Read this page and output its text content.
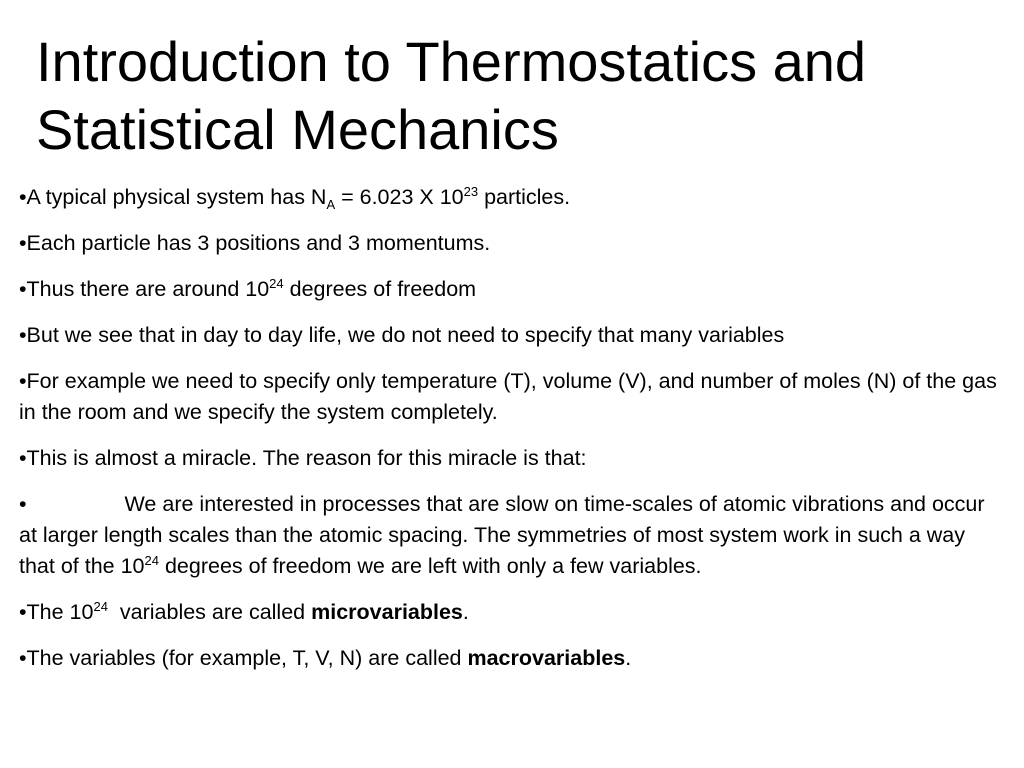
Introduction to Thermostatics and Statistical Mechanics

•A typical physical system has $N_A = 6.023$ X $10^{23}$ particles.

•Each particle has 3 positions and 3 momentums.

•Thus there are around $10^{24}$ degrees of freedom

•But we see that in day to day life, we do not need to specify that many variables

•For example we need to specify only temperature (T), volume (V), and number of moles (N) of the gas in the room and we specify the system completely.

•This is almost a miracle. The reason for this miracle is that:

•	We are interested in processes that are slow on time-scales of atomic vibrations and occur at larger length scales than the atomic spacing. The symmetries of most system work in such a way that of the $10^{24}$ degrees of freedom we are left with only a few variables.

•The $10^{24}$  variables are called microvariables.

•The variables (for example, T, V, N) are called macrovariables.
